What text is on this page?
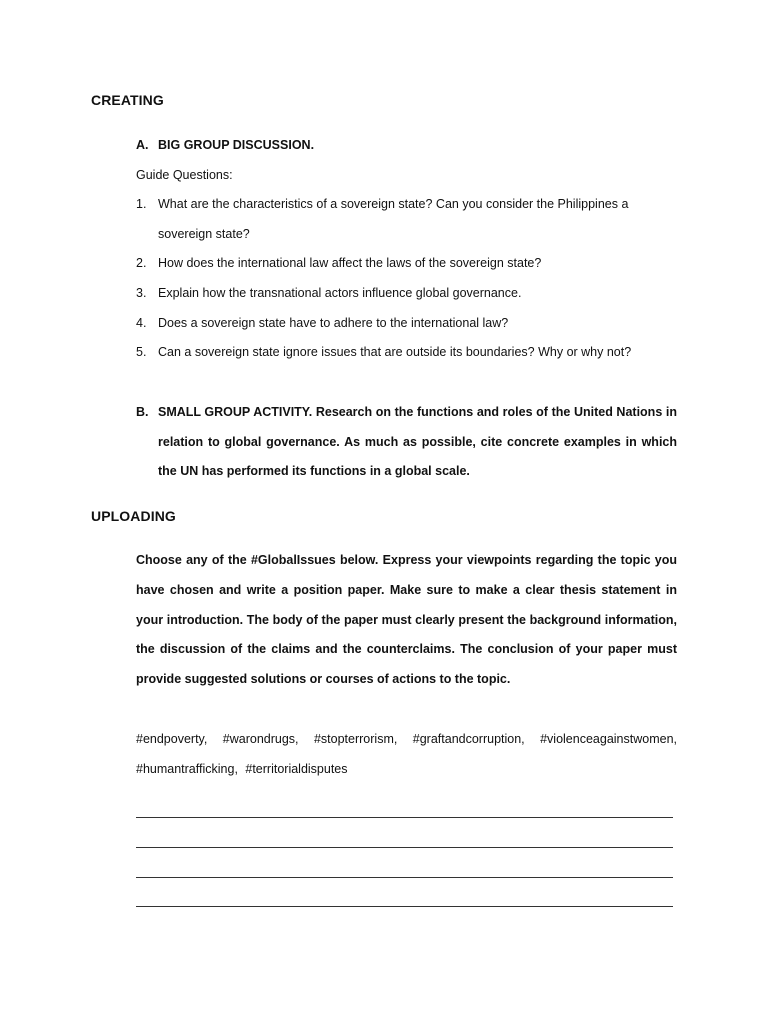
CREATING
A. BIG GROUP DISCUSSION.
Guide Questions:
1. What are the characteristics of a sovereign state? Can you consider the Philippines a sovereign state?
2. How does the international law affect the laws of the sovereign state?
3. Explain how the transnational actors influence global governance.
4. Does a sovereign state have to adhere to the international law?
5. Can a sovereign state ignore issues that are outside its boundaries? Why or why not?
B. SMALL GROUP ACTIVITY. Research on the functions and roles of the United Nations in relation to global governance. As much as possible, cite concrete examples in which the UN has performed its functions in a global scale.
UPLOADING
Choose any of the #GlobalIssues below. Express your viewpoints regarding the topic you have chosen and write a position paper. Make sure to make a clear thesis statement in your introduction. The body of the paper must clearly present the background information, the discussion of the claims and the counterclaims. The conclusion of your paper must provide suggested solutions or courses of actions to the topic.
#endpoverty, #warondrugs, #stopterrorism, #graftandcorruption, #violenceagainstwomen, #humantrafficking, #territorialdisputes
